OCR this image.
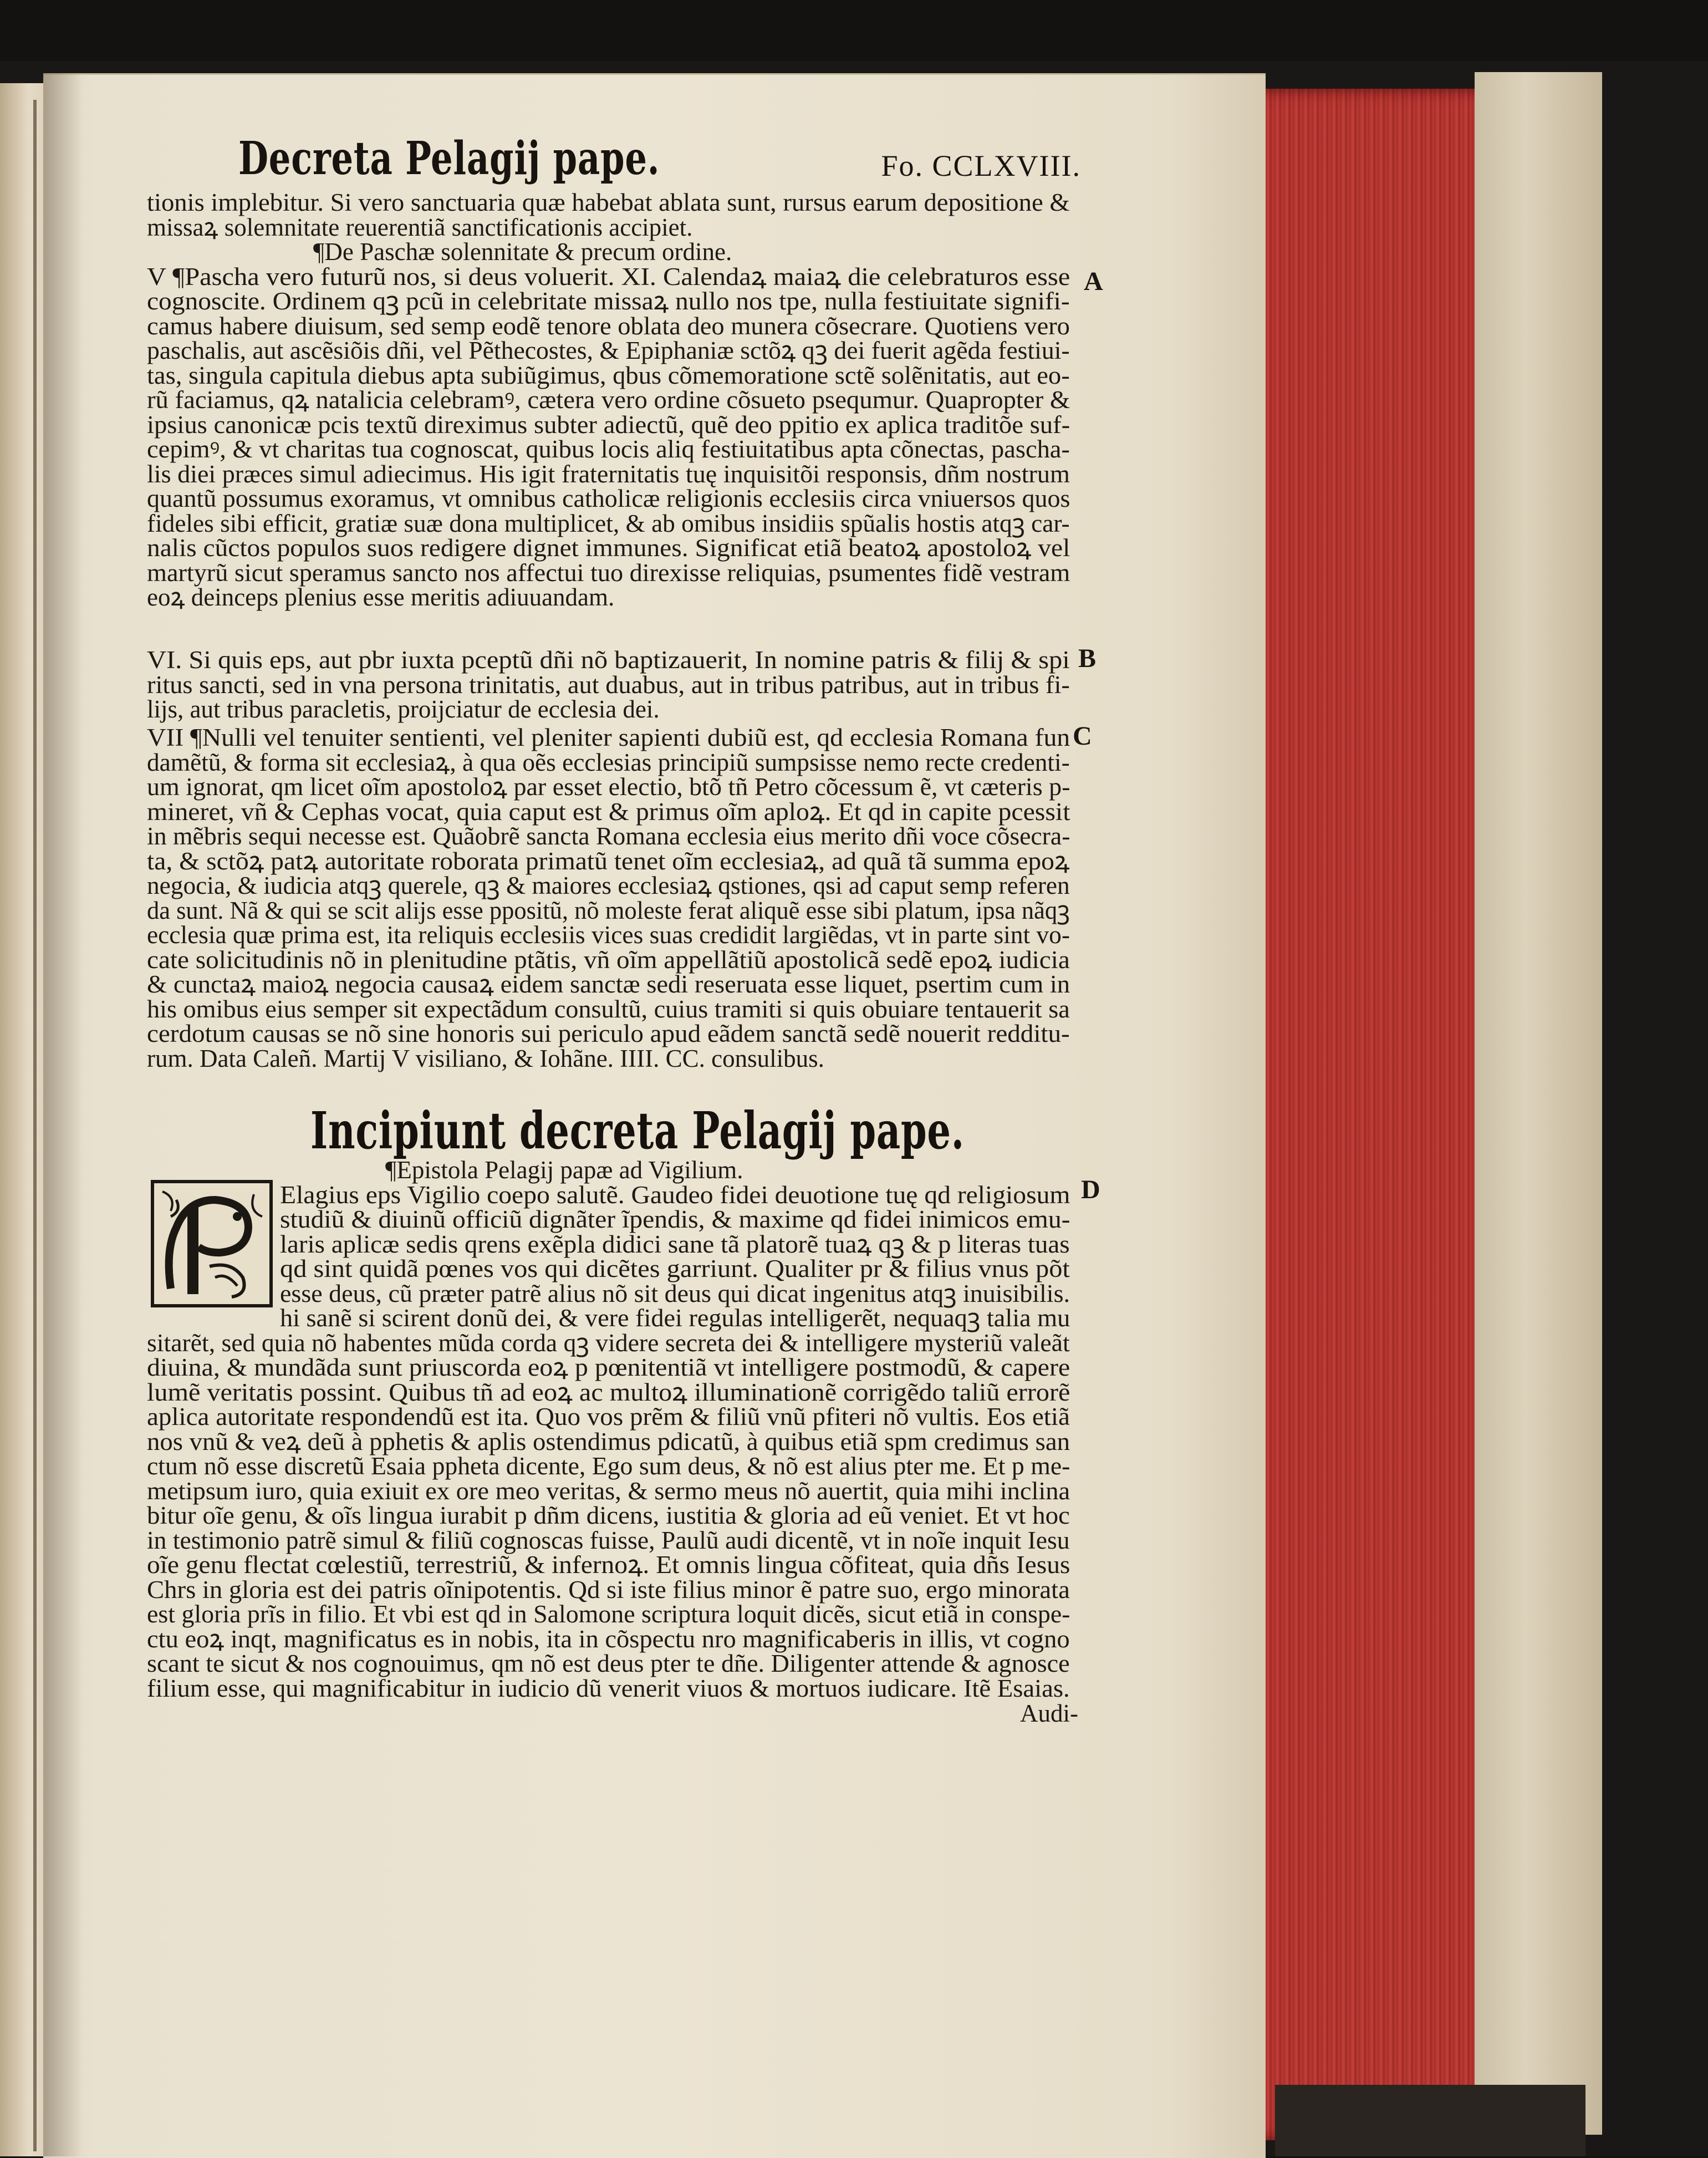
Decreta Pelagij pape.	Fo. CCLXVIII.
tionis implebitur. Si vero sanctuaria quæ habebat ablata sunt, rursus earum depositione &
missaꝝ solemnitate reuerentiã sanctificationis accipiet.
¶De Paschæ solennitate & precum ordine.
V ¶Pascha vero futurũ nos, si deus voluerit. XI. Calendaꝝ maiaꝝ die celebraturos esse
cognoscite. Ordinem qꝫ pcũ in celebritate missaꝝ nullo nos tpe, nulla festiuitate signifi-
camus habere diuisum, sed semp eodẽ tenore oblata deo munera cõsecrare. Quotiens vero
paschalis, aut ascẽsiõis dñi, vel Pẽthecostes, & Epiphaniæ sctõꝝ qꝫ dei fuerit agẽda festiui-
tas, singula capitula diebus apta subiũgimus, qbus cõmemoratione sctẽ solẽnitatis, aut eo-
rũ faciamus, qꝝ natalicia celebramꝰ, cætera vero ordine cõsueto psequmur. Quapropter &
ipsius canonicæ pcis textũ direximus subter adiectũ, quẽ deo ppitio ex aplica traditõe suf-
cepimꝰ, & vt charitas tua cognoscat, quibus locis aliq festiuitatibus apta cõnectas, pascha-
lis diei præces simul adiecimus. His igit fraternitatis tuę inquisitõi responsis, dñm nostrum
quantũ possumus exoramus, vt omnibus catholicæ religionis ecclesiis circa vniuersos quos
fideles sibi efficit, gratiæ suæ dona multiplicet, & ab omibus insidiis spũalis hostis atqꝫ car-
nalis cũctos populos suos redigere dignet immunes. Significat etiã beatoꝝ apostoloꝝ vel
martyrũ sicut speramus sancto nos affectui tuo direxisse reliquias, psumentes fidẽ vestram
eoꝝ deinceps plenius esse meritis adiuuandam.
VI. Si quis eps, aut pbr iuxta pceptũ dñi nõ baptizauerit, In nomine patris & filij & spi
ritus sancti, sed in vna persona trinitatis, aut duabus, aut in tribus patribus, aut in tribus fi-
lijs, aut tribus paracletis, proijciatur de ecclesia dei.
VII ¶Nulli vel tenuiter sentienti, vel pleniter sapienti dubiũ est, qd ecclesia Romana fun
damẽtũ, & forma sit ecclesiaꝝ, à qua oẽs ecclesias principiũ sumpsisse nemo recte credenti-
um ignorat, qm licet oĩm apostoloꝝ par esset electio, btõ tñ Petro cõcessum ẽ, vt cæteris p-
mineret, vñ & Cephas vocat, quia caput est & primus oĩm aploꝝ. Et qd in capite pcessit
in mẽbris sequi necesse est. Quãobrẽ sancta Romana ecclesia eius merito dñi voce cõsecra-
ta, & sctõꝝ patꝝ autoritate roborata primatũ tenet oĩm ecclesiaꝝ, ad quã tã summa epoꝝ
negocia, & iudicia atqꝫ querele, qꝫ & maiores ecclesiaꝝ qstiones, qsi ad caput semp referen
da sunt. Nã & qui se scit alijs esse ppositũ, nõ moleste ferat aliquẽ esse sibi platum, ipsa nãqꝫ
ecclesia quæ prima est, ita reliquis ecclesiis vices suas credidit largiẽdas, vt in parte sint vo-
cate solicitudinis nõ in plenitudine ptãtis, vñ oĩm appellãtiũ apostolicã sedẽ epoꝝ iudicia
& cunctaꝝ maioꝝ negocia causaꝝ eidem sanctæ sedi reseruata esse liquet, psertim cum in
his omibus eius semper sit expectãdum consultũ, cuius tramiti si quis obuiare tentauerit sa
cerdotum causas se nõ sine honoris sui periculo apud eãdem sanctã sedẽ nouerit redditu-
rum. Data Caleñ. Martij V visiliano, & Iohãne. IIII. CC. consulibus.
¶Epistola Pelagij papæ ad Vigilium.
Elagius eps Vigilio coepo salutẽ. Gaudeo fidei deuotione tuę qd religiosum
studiũ & diuinũ officiũ dignãter ĩpendis, & maxime qd fidei inimicos emu-
laris aplicæ sedis qrens exẽpla didici sane tã platorẽ tuaꝝ qꝫ & p literas tuas
qd sint quidã pœnes vos qui dicẽtes garriunt. Qualiter pr & filius vnus põt
esse deus, cũ præter patrẽ alius nõ sit deus qui dicat ingenitus atqꝫ inuisibilis.
hi sanẽ si scirent donũ dei, & vere fidei regulas intelligerẽt, nequaqꝫ talia mu
sitarẽt, sed quia nõ habentes mũda corda qꝫ videre secreta dei & intelligere mysteriũ valeãt
diuina, & mundãda sunt priuscorda eoꝝ p pœnitentiã vt intelligere postmodũ, & capere
lumẽ veritatis possint. Quibus tñ ad eoꝝ ac multoꝝ illuminationẽ corrigẽdo taliũ errorẽ
aplica autoritate respondendũ est ita. Quo vos prẽm & filiũ vnũ pfiteri nõ vultis. Eos etiã
nos vnũ & veꝝ deũ à pphetis & aplis ostendimus pdicatũ, à quibus etiã spm credimus san
ctum nõ esse discretũ Esaia ppheta dicente, Ego sum deus, & nõ est alius pter me. Et p me-
metipsum iuro, quia exiuit ex ore meo veritas, & sermo meus nõ auertit, quia mihi inclina
bitur oĩe genu, & oĩs lingua iurabit p dñm dicens, iustitia & gloria ad eũ veniet. Et vt hoc
in testimonio patrẽ simul & filiũ cognoscas fuisse, Paulũ audi dicentẽ, vt in noĩe inquit Iesu
oĩe genu flectat cœlestiũ, terrestriũ, & infernoꝝ. Et omnis lingua cõfiteat, quia dñs Iesus
Chrs in gloria est dei patris oĩnipotentis. Qd si iste filius minor ẽ patre suo, ergo minorata
est gloria prĩs in filio. Et vbi est qd in Salomone scriptura loquit dicẽs, sicut etiã in conspe-
ctu eoꝝ inqt, magnificatus es in nobis, ita in cõspectu nro magnificaberis in illis, vt cogno
scant te sicut & nos cognouimus, qm nõ est deus pter te dñe. Diligenter attende & agnosce
filium esse, qui magnificabitur in iudicio dũ venerit viuos & mortuos iudicare. Itẽ Esaias.
Audi-
Incipiunt decreta Pelagij pape.
A
B
C
D
